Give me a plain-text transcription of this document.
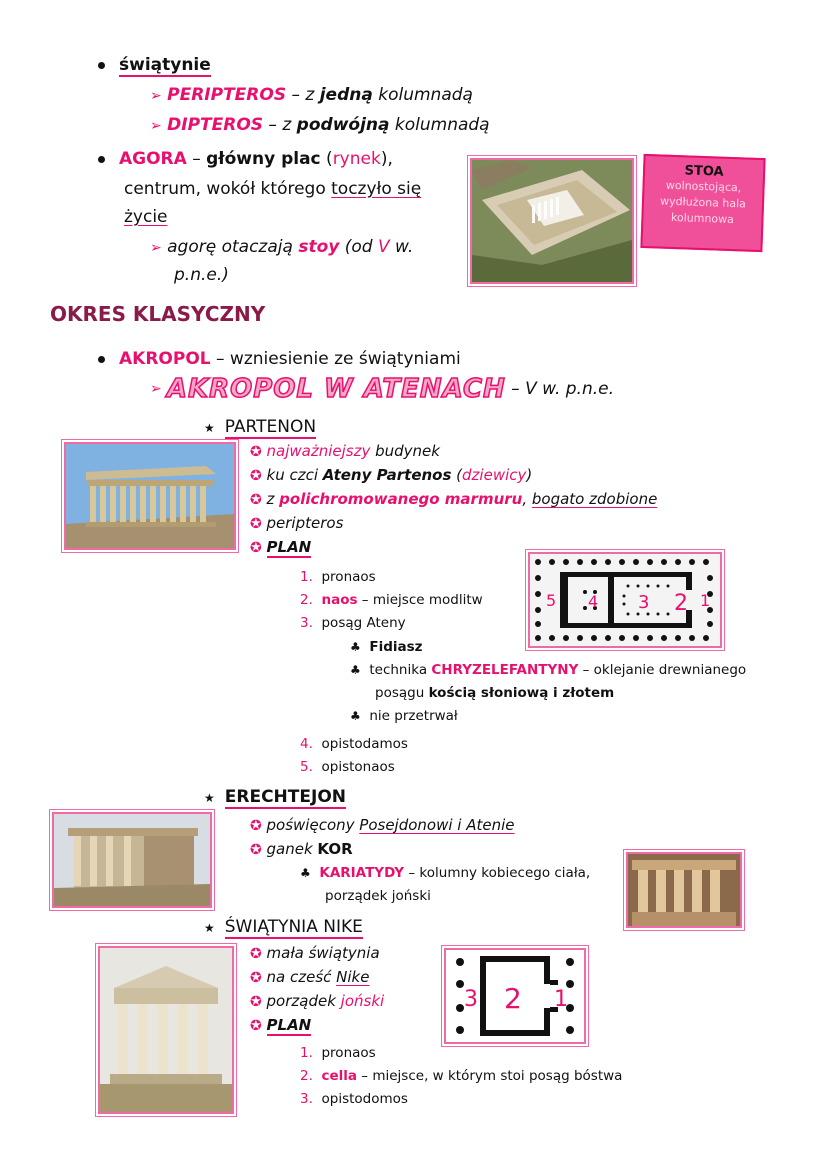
świątynie
➢ PERIPTEROS – z jedną kolumnadą
➢ DIPTEROS – z podwójną kolumnadą
AGORA – główny plac (rynek),
centrum, wokół którego toczyło się
życie
➢ agorę otaczają stoy (od V w.
p.n.e.)
STOA
wolnostojąca,
wydłużona hala
kolumnowa
OKRES KLASYCZNY
AKROPOL – wzniesienie ze świątyniami
➢ AKROPOL W ATENACH – V w. p.n.e.
★ PARTENON
✪ najważniejszy budynek
✪ ku czci Ateny Partenos (dziewicy)
✪ z polichromowanego marmuru, bogato zdobione
✪ peripteros
✪ PLAN
1. pronaos
2. naos – miejsce modlitw
3. posąg Ateny
♣ Fidiasz
♣ technika CHRYZELEFANTYNY – oklejanie drewnianego
posągu kością słoniową i złotem
♣ nie przetrwał
4. opistodamos
5. opistonaos
5 4 3 2 1
★ ERECHTEJON
✪ poświęcony Posejdonowi i Atenie
✪ ganek KOR
♣ KARIATYDY – kolumny kobiecego ciała,
porządek joński
★ ŚWIĄTYNIA NIKE
✪ mała świątynia
✪ na cześć Nike
✪ porządek joński
✪ PLAN
1. pronaos
2. cella – miejsce, w którym stoi posąg bóstwa
3. opistodomos
3 2 1
